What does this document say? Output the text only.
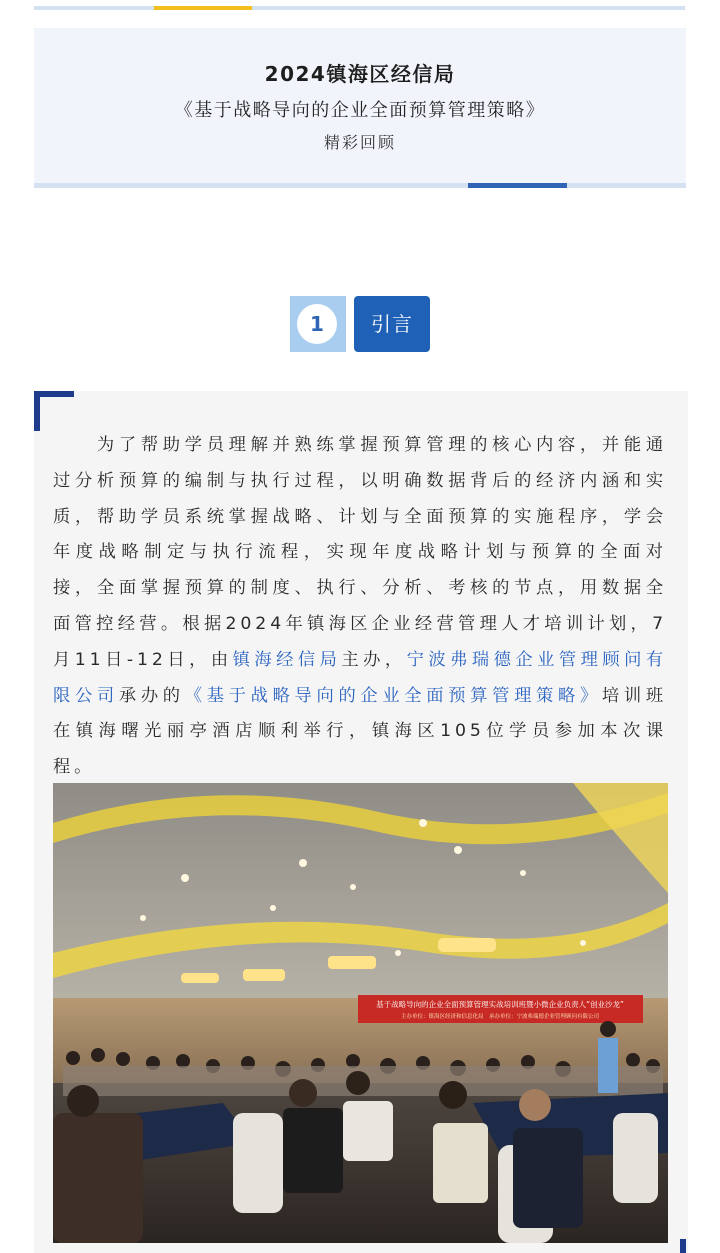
2024镇海区经信局
《基于战略导向的企业全面预算管理策略》
精彩回顾
1	引言

　　为了帮助学员理解并熟练掌握预算管理的核心内容，并能通过分析预算的编制与执行过程，以明确数据背后的经济内涵和实质，帮助学员系统掌握战略、计划与全面预算的实施程序，学会年度战略制定与执行流程，实现年度战略计划与预算的全面对接，全面掌握预算的制度、执行、分析、考核的节点，用数据全面管控经营。根据2024年镇海区企业经营管理人才培训计划，7月11日-12日，由镇海经信局主办，宁波弗瑞德企业管理顾问有限公司承办的《基于战略导向的企业全面预算管理策略》培训班在镇海曙光丽亭酒店顺利举行，镇海区105位学员参加本次课程。

基于战略导向的企业全面预算管理实战培训班暨小微企业负责人“创业沙龙”
主办单位：镇海区经济和信息化局　承办单位：宁波弗瑞德企业管理顾问有限公司
